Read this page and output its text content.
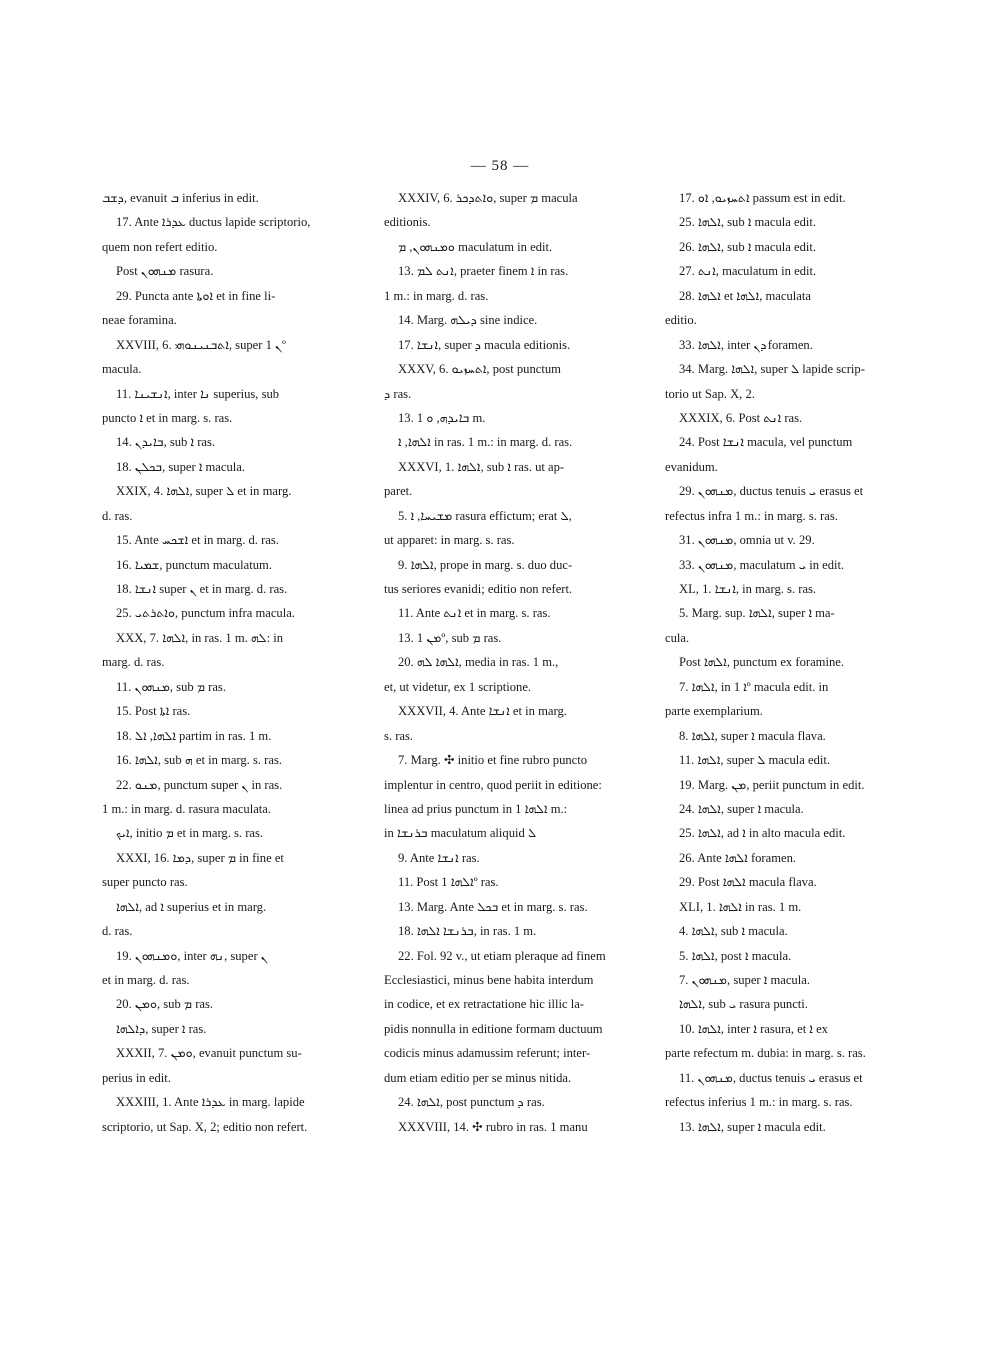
— 58 —
ܕܫܒ, evanuit ܒ inferius in edit.
17. Ante ܥܕܪܐ ductus lapide scriptorio,
quem non refert editio.
Post ܡܢܗܘܢ rasura.
29. Puncta ante ܐܘܬܐ et in fine li-
neae foramina.
XXVIII, 6. ܐܬܒܢܝܢܘܗܝ, super ܢ 1º
macula.
11. ܐܢܫܝܢܐ, inter ܢܐ superius, sub
puncto ܐ et in marg. s. ras.
14. ܒܐܝܕܢ, sub ܐ ras.
18. ܒܟܠܢ, super ܐ macula.
XXIX, 4. ܐܠܗܐ, super ܠ et in marg.
d. ras.
15. Ante ܐܫܟܚ et in marg. d. ras.
16. ܫܡܝܐ, punctum maculatum.
18. ܐܢܫܐ super ܢ et in marg. d. ras.
25. ܘܐܬܪܬܝ, punctum infra macula.
XXX, 7. ܐܠܗܐ, in ras. 1 m. ܠܗ: in
marg. d. ras.
11. ܡܢܗܘܢ, sub ܡ ras.
15. Post ܐܬܐ ras.
18. ܐܠܗܐ, ܐܠ partim in ras. 1 m.
16. ܐܠܗܐ, sub ܗ et in marg. s. ras.
22. ܡܢܘ, punctum super ܢ in ras.
1 m.: in marg. d. rasura maculata.
ܐܝܟ, initio ܡ et in marg. s. ras.
XXXI, 16. ܕܡܐ, super ܡ in fine et
super puncto ras.
ܐܠܗܐ, ad ܐ superius et in marg.
d. ras.
19. ܘܡܢܗܘܢ, inter ܢܗ, super ܢ
et in marg. d. ras.
20. ܘܡܢ, sub ܡ ras.
ܕܐܠܗܐ, super ܐ ras.
XXXII, 7. ܘܡܢ, evanuit punctum su-
perius in edit.
XXXIII, 1. Ante ܥܕܪܐ in marg. lapide
scriptorio, ut Sap. X, 2; editio non refert.
XXXIV, 6. ܘܐܬܕܟܪ, super ܡ macula
editionis.
ܘܡܢܗܘܢ, ܡ maculatum in edit.
13. ܐܢܬ ܠܡ, praeter finem ܐ in ras.
1 m.: in marg. d. ras.
14. Marg. ܕܝܠܗ sine indice.
17. ܐܢܫܐ, super ܕ macula editionis.
XXXV, 6. ܐܬܚܙܝܘ, post punctum
ܕ ras.
13. ܒܐܝܕܗ, ܘ 1 m.
ܐܠܗܐ, ܐ in ras. 1 m.: in marg. d. ras.
XXXVI, 1. ܐܠܗܐ, sub ܐ ras. ut ap-
paret.
5. ܡܫܝܚܐ, ܐ rasura effictum; erat ܠ,
ut apparet: in marg. s. ras.
9. ܐܠܗܐ, prope in marg. s. duo duc-
tus seriores evanidi; editio non refert.
11. Ante ܐܢܬ et in marg. s. ras.
13. ܡܢ 1º, sub ܡ ras.
20. ܐܠܗܐ ܠܗ, media in ras. 1 m.,
et, ut videtur, ex 1 scriptione.
XXXVII, 4. Ante ܐܢܫܐ et in marg.
s. ras.
7. Marg. ✣ initio et fine rubro puncto
implentur in centro, quod periit in editione:
linea ad prius punctum in ܐܠܗܐ 1 m.:
in ܒܪܢܫܐ maculatum aliquid ܠ
9. Ante ܐܢܫܐ ras.
11. Post ܐܠܗܐ 1º ras.
13. Marg. Ante ܒܟܠ et in marg. s. ras.
18. ܒܪܢܫܐ ܐܠܗܐ, in ras. 1 m.
22. Fol. 92 v., ut etiam pleraque ad finem
Ecclesiastici, minus bene habita interdum
in codice, et ex retractatione hic illic la-
pidis nonnulla in editione formam ductuum
codicis minus adamussim referunt; inter-
dum etiam editio per se minus nitida.
24. ܐܠܗܐ, post punctum ܕ ras.
XXXVIII, 14. ✣ rubro in ras. 1 manu
17. ܐܬܚܙܝܘ, ܐܘ passum est in edit.
25. ܐܠܗܐ, sub ܐ macula edit.
26. ܐܠܗܐ, sub ܐ macula edit.
27. ܐܢܬ, maculatum in edit.
28. ܐܠܗܐ et ܐܠܗܐ, maculata
editio.
33. ܐܠܗܐ, inter ܕܢ foramen.
34. Marg. ܐܠܗܐ, super ܠ lapide scrip-
torio ut Sap. X, 2.
XXXIX, 6. Post ܐܢܬ ras.
24. Post ܐܢܫܐ macula, vel punctum
evanidum.
29. ܡܢܗܘܢ, ductus tenuis ܝ erasus et
refectus infra 1 m.: in marg. s. ras.
31. ܡܢܗܘܢ, omnia ut v. 29.
33. ܡܢܗܘܢ, maculatum ܝ in edit.
XL, 1. ܐܢܫܐ, in marg. s. ras.
5. Marg. sup. ܐܠܗܐ, super ܐ ma-
cula.
Post ܐܠܗܐ, punctum ex foramine.
7. ܐܠܗܐ, in ܐ 1º macula edit. in
parte exemplarium.
8. ܐܠܗܐ, super ܐ macula flava.
11. ܐܠܗܐ, super ܠ macula edit.
19. Marg. ܡܢ, periit punctum in edit.
24. ܐܠܗܐ, super ܐ macula.
25. ܐܠܗܐ, ad ܐ in alto macula edit.
26. Ante ܐܠܗܐ foramen.
29. Post ܐܠܗܐ macula flava.
XLI, 1. ܐܠܗܐ in ras. 1 m.
4. ܐܠܗܐ, sub ܐ macula.
5. ܐܠܗܐ, post ܐ macula.
7. ܡܢܗܘܢ, super ܐ macula.
ܐܠܗܐ, sub ܝ rasura puncti.
10. ܐܠܗܐ, inter ܐ rasura, et ܐ ex
parte refectum m. dubia: in marg. s. ras.
11. ܡܢܗܘܢ, ductus tenuis ܝ erasus et
refectus inferius 1 m.: in marg. s. ras.
13. ܐܠܗܐ, super ܐ macula edit.
